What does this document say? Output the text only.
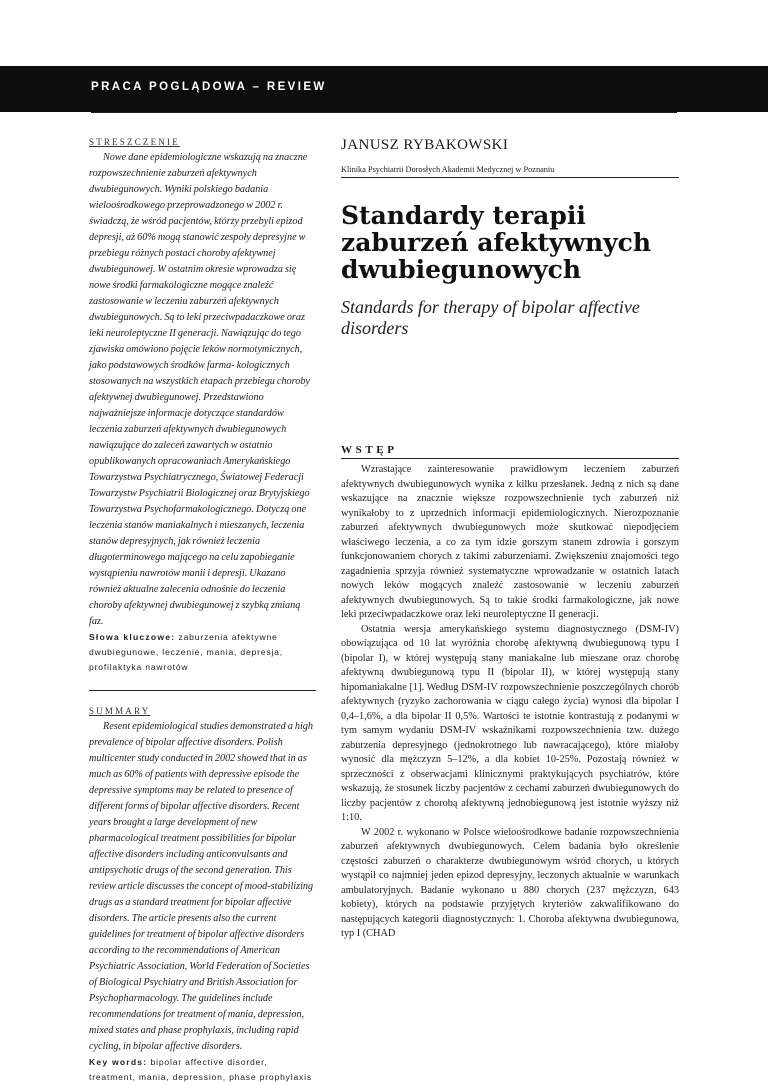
PRACA POGLĄDOWA – REVIEW
STRESZCZENIE

Nowe dane epidemiologiczne wskazują na znaczne rozpowszechnienie zaburzeń afektywnych dwubiegunowych. Wyniki polskiego badania wieloośrodkowego przeprowadzonego w 2002 r. świadczą, że wśród pacjentów, którzy przebyli epizod depresji, aż 60% mogą stanowić zespoły depresyjne w przebiegu różnych postaci choroby afektywnej dwubiegunowej. W ostatnim okresie wprowadza się nowe środki farmakologiczne mogące znaleźć zastosowanie w leczeniu zaburzeń afektywnych dwubiegunowych. Są to leki przeciwpadaczkowe oraz leki neuroleptyczne II generacji. Nawiązując do tego zjawiska omówiono pojęcie leków normotymicznych, jako podstawowych środków farma- kologicznych stosowanych na wszystkich etapach przebiegu choroby afektywnej dwubiegunowej. Przedstawiono najważniejsze informacje dotyczące standardów leczenia zaburzeń afektywnych dwubiegunowych nawiązujące do zaleceń zawartych w ostatnio opublikowanych opracowaniach Amerykańskiego Towarzystwa Psychiatrycznego, Światowej Federacji Towarzystw Psychiatrii Biologicznej oraz Brytyjskiego Towarzystwa Psychofarmakologicznego. Dotyczą one leczenia stanów maniakalnych i mieszanych, leczenia stanów depresyjnych, jak również leczenia długoterminowego mającego na celu zapobieganie wystąpieniu nawrotów manii i depresji. Ukazano również aktualne zalecenia odnośnie do leczenia choroby afektywnej dwubiegunowej z szybką zmianą faz.

Słowa kluczowe: zaburzenia afektywne dwubiegunowe, leczenie, mania, depresja, profilaktyka nawrotów

SUMMARY

Resent epidemiological studies demonstrated a high prevalence of bipolar affective disorders. Polish multicenter study conducted in 2002 showed that in as much as 60% of patients with depressive episode the depressive symptoms may be related to presence of different forms of bipolar affective disorders. Recent years brought a large development of new pharmacological treatment possibilities for bipolar affective disorders including anticonvulsants and antipsychotic drugs of the second generation. This review article discusses the concept of mood-stabilizing drugs as a standard treatment for bipolar affective disorders. The article presents also the current guidelines for treatment of bipolar affective disorders according to the recommendations of American Psychiatric Association, World Federation of Societies of Biological Psychiatry and British Association for Psychopharmacology. The guidelines include recommendations for treatment of mania, depression, mixed states and phase prophylaxis, including rapid cycling, in bipolar affective disorders.

Key words: bipolar affective disorder, treatment, mania, depression, phase prophylaxis

JANUSZ RYBAKOWSKI

Klinika Psychiatrii Dorosłych Akademii Medycznej w Poznaniu

Standardy terapii zaburzeń afektywnych dwubiegunowych

Standards for therapy of bipolar affective disorders

WSTĘP

Wzrastające zainteresowanie prawidłowym leczeniem zaburzeń afektywnych dwubiegunowych wynika z kilku przesłanek. Jedną z nich są dane wskazujące na znacznie większe rozpowszechnienie tych zaburzeń niż wynikałoby to z uprzednich informacji epidemiologicznych. Nierozpoznanie zaburzeń afektywnych dwubiegunowych może skutkować niepodjęciem właściwego leczenia, a co za tym idzie gorszym stanem zdrowia i gorszym funkcjonowaniem chorych z takimi zaburzeniami. Zwiększeniu znajomości tego zagadnienia sprzyja również systematyczne wprowadzanie w ostatnich latach nowych leków mogących znaleźć zastosowanie w leczeniu zaburzeń afektywnych dwubiegunowych. Są to takie środki farmakologiczne, jak nowe leki przeciwpadaczkowe oraz leki neuroleptyczne II generacji.

Ostatnia wersja amerykańskiego systemu diagnostycznego (DSM-IV) obowiązująca od 10 lat wyróżnia chorobę afektywną dwubiegunową typu I (bipolar I), w której występują stany maniakalne lub mieszane oraz chorobę afektywną dwubiegunową typu II (bipolar II), w której występują stany hipomaniakalne [1]. Według DSM-IV rozpowszechnienie poszczególnych chorób afektywnych (ryzyko zachorowania w ciągu całego życia) wynosi dla bipolar I 0,4–1,6%, a dla bipolar II 0,5%. Wartości te istotnie kontrastują z podanymi w tym samym wydaniu DSM-IV wskaźnikami rozpowszechnienia tzw. dużego zaburzenia depresyjnego (jednokrotnego lub nawracającego), które miałoby wynosić dla mężczyzn 5–12%, a dla kobiet 10-25%. Pozostają również w sprzeczności z obserwacjami klinicznymi praktykujących psychiatrów, które wskazują, że stosunek liczby pacjentów z cechami zaburzeń dwubiegunowych do liczby pacjentów z chorobą afektywną jednobiegunową jest istotnie wyższy niż 1:10.

W 2002 r. wykonano w Polsce wieloośrodkowe badanie rozpowszechnienia zaburzeń afektywnych dwubiegunowych. Celem badania było określenie częstości zaburzeń o charakterze dwubiegunowym wśród chorych, u których wystąpił co najmniej jeden epizod depresyjny, leczonych aktualnie w warunkach ambulatoryjnych. Badanie wykonano u 880 chorych (237 mężczyzn, 643 kobiety), których na podstawie przyjętych kryteriów zakwalifikowano do następujących kategorii diagnostycznych: 1. Choroba afektywna dwubiegunowa, typ I (CHAD
